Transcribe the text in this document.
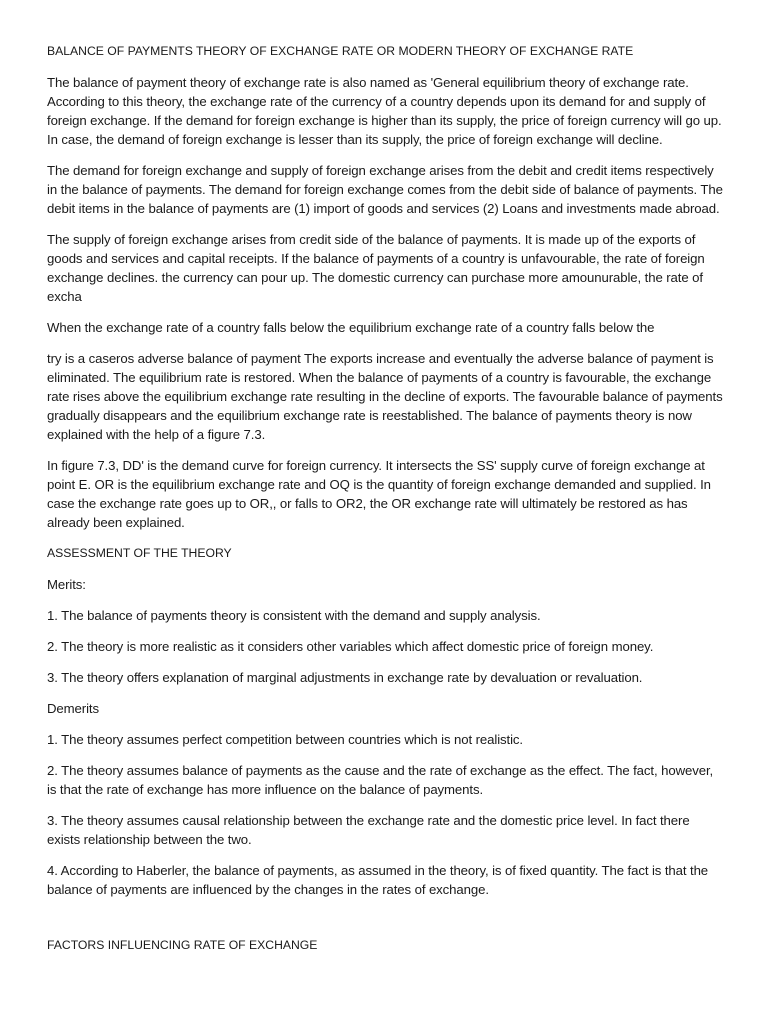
BALANCE OF PAYMENTS THEORY OF EXCHANGE RATE OR MODERN THEORY OF EXCHANGE RATE

The balance of payment theory of exchange rate is also named as 'General equilibrium theory of exchange rate. According to this theory, the exchange rate of the currency of a country depends upon its demand for and supply of foreign exchange. If the demand for foreign exchange is higher than its supply, the price of foreign currency will go up. In case, the demand of foreign exchange is lesser than its supply, the price of foreign exchange will decline.

The demand for foreign exchange and supply of foreign exchange arises from the debit and credit items respectively in the balance of payments. The demand for foreign exchange comes from the debit side of balance of payments. The debit items in the balance of payments are (1) import of goods and services (2) Loans and investments made abroad.

The supply of foreign exchange arises from credit side of the balance of payments. It is made up of the exports of goods and services and capital receipts. If the balance of payments of a country is unfavourable, the rate of foreign exchange declines. the currency can pour up. The domestic currency can purchase more amounurable, the rate of excha

When the exchange rate of a country falls below the equilibrium exchange rate of a country falls below the

try is a caseros adverse balance of payment The exports increase and eventually the adverse balance of payment is eliminated. The equilibrium rate is restored. When the balance of payments of a country is favourable, the exchange rate rises above the equilibrium exchange rate resulting in the decline of exports. The favourable balance of payments gradually disappears and the equilibrium exchange rate is reestablished. The balance of payments theory is now explained with the help of a figure 7.3.

In figure 7.3, DD' is the demand curve for foreign currency. It intersects the SS' supply curve of foreign exchange at point E. OR is the equilibrium exchange rate and OQ is the quantity of foreign exchange demanded and supplied. In case the exchange rate goes up to OR,, or falls to OR2, the OR exchange rate will ultimately be restored as has already been explained.

ASSESSMENT OF THE THEORY

Merits:

1. The balance of payments theory is consistent with the demand and supply analysis.

2. The theory is more realistic as it considers other variables which affect domestic price of foreign money.

3. The theory offers explanation of marginal adjustments in exchange rate by devaluation or revaluation.

Demerits

1. The theory assumes perfect competition between countries which is not realistic.

2. The theory assumes balance of payments as the cause and the rate of exchange as the effect. The fact, however, is that the rate of exchange has more influence on the balance of payments.

3. The theory assumes causal relationship between the exchange rate and the domestic price level. In fact there exists relationship between the two.

4. According to Haberler, the balance of payments, as assumed in the theory, is of fixed quantity. The fact is that the balance of payments are influenced by the changes in the rates of exchange.

FACTORS INFLUENCING RATE OF EXCHANGE
